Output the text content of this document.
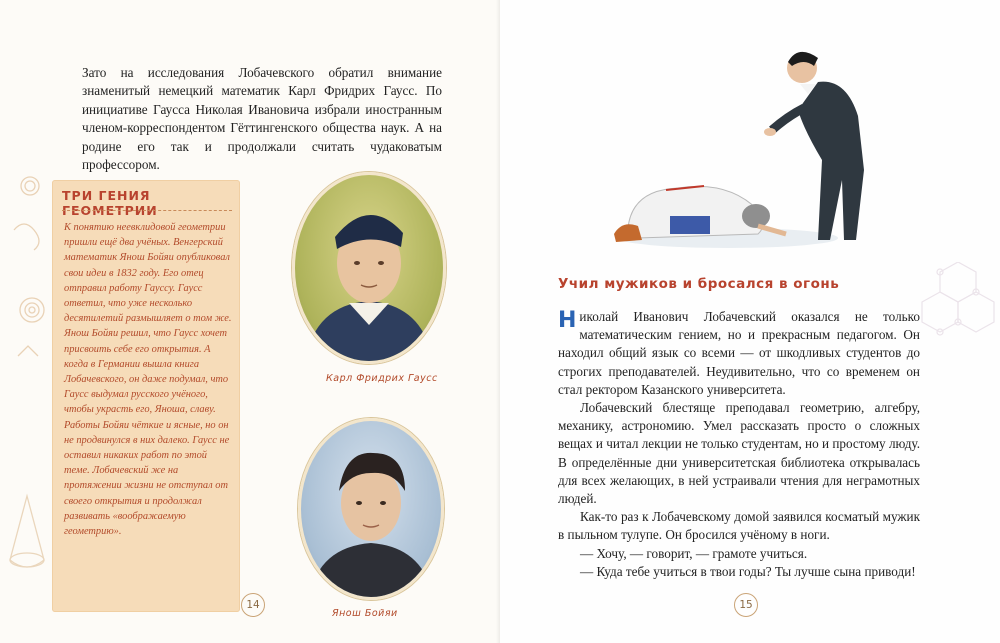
Зато на исследования Лобачевского обратил внимание знаменитый немецкий математик Карл Фридрих Гаусс. По инициативе Гаусса Николая Ивановича избрали иностранным членом-корреспондентом Гёттингенского общества наук. А на родине его так и продолжали считать чудаковатым профессором.
ТРИ ГЕНИЯ ГЕОМЕТРИИ
К понятию неевклидовой геометрии пришли ещё два учёных. Венгерский математик Янош Бойяи опубликовал свои идеи в 1832 году. Его отец отправил работу Гауссу. Гаусс ответил, что уже несколько десятилетий размышляет о том же. Янош Бойяи решил, что Гаусс хочет присвоить себе его открытия. А когда в Германии вышла книга Лобачевского, он даже подумал, что Гаусс выдумал русского учёного, чтобы украсть его, Яноша, славу. Работы Бойяи чёткие и ясные, но он не продвинулся в них далеко. Гаусс не оставил никаких работ по этой теме. Лобачевский же на протяжении жизни не отступал от своего открытия и продолжал развивать «воображаемую геометрию».
Карл Фридрих Гаусс
Янош Бойяи
14
Учил мужиков и бросался в огонь

Николай Иванович Лобачевский оказался не только математическим гением, но и прекрасным педагогом. Он находил общий язык со всеми — от шкодливых студентов до строгих преподавателей. Неудивительно, что со временем он стал ректором Казанского университета.

Лобачевский блестяще преподавал геометрию, алгебру, механику, астрономию. Умел рассказать просто о сложных вещах и читал лекции не только студентам, но и простому люду. В определённые дни университетская библиотека открывалась для всех желающих, в ней устраивали чтения для неграмотных людей.

Как-то раз к Лобачевскому домой заявился косматый мужик в пыльном тулупе. Он бросился учёному в ноги.

— Хочу, — говорит, — грамоте учиться.

— Куда тебе учиться в твои годы? Ты лучше сына приводи!

15
